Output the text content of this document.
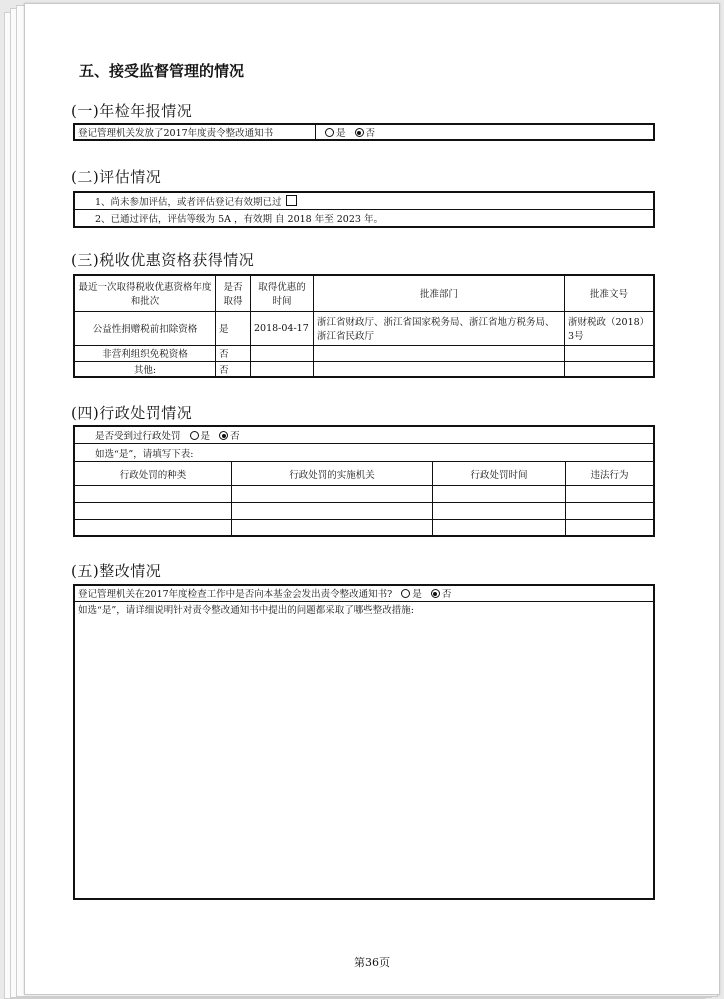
五、接受监督管理的情况
(一)年检年报情况
登记管理机关发放了2017年度责令整改通知书	是 否
(二)评估情况
1、尚未参加评估，或者评估登记有效期已过
2、已通过评估，评估等级为 5A ，有效期 自 2018 年至 2023 年。
(三)税收优惠资格获得情况
最近一次取得税收优惠资格年度和批次	是否取得	取得优惠的时间	批准部门	批准文号
公益性捐赠税前扣除资格	是	2018-04-17	浙江省财政厅、浙江省国家税务局、浙江省地方税务局、浙江省民政厅	浙财税政（2018）3号
非营利组织免税资格	否			
其他:	否			
(四)行政处罚情况
是否受到过行政处罚 是 否			
如选“是”，请填写下表:			
行政处罚的种类	行政处罚的实施机关	行政处罚时间	违法行为

(五)整改情况
登记管理机关在2017年度检查工作中是否向本基金会发出责令整改通知书? 是 否
如选“是”，请详细说明针对责令整改通知书中提出的问题都采取了哪些整改措施:

第36页
